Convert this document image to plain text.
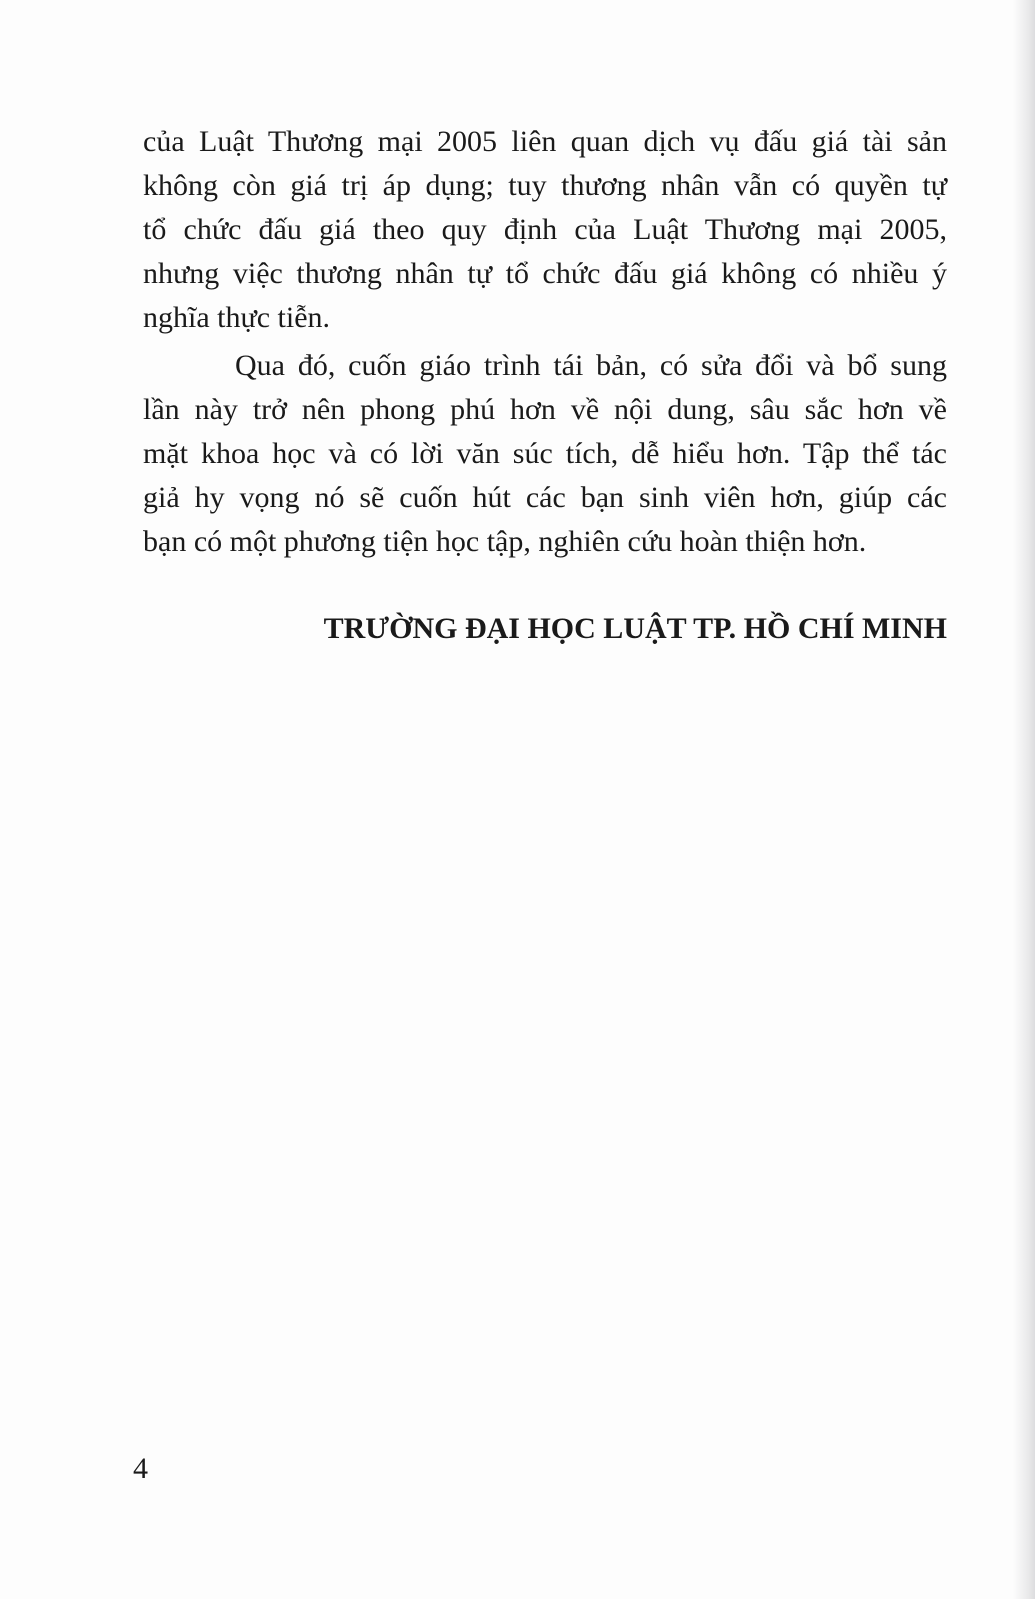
của Luật Thương mại 2005 liên quan dịch vụ đấu giá tài sản
không còn giá trị áp dụng; tuy thương nhân vẫn có quyền tự
tổ chức đấu giá theo quy định của Luật Thương mại 2005,
nhưng việc thương nhân tự tổ chức đấu giá không có nhiều ý
nghĩa thực tiễn.
Qua đó, cuốn giáo trình tái bản, có sửa đổi và bổ sung
lần này trở nên phong phú hơn về nội dung, sâu sắc hơn về
mặt khoa học và có lời văn súc tích, dễ hiểu hơn. Tập thể tác
giả hy vọng nó sẽ cuốn hút các bạn sinh viên hơn, giúp các
bạn có một phương tiện học tập, nghiên cứu hoàn thiện hơn.
TRƯỜNG ĐẠI HỌC LUẬT TP. HỒ CHÍ MINH
4
